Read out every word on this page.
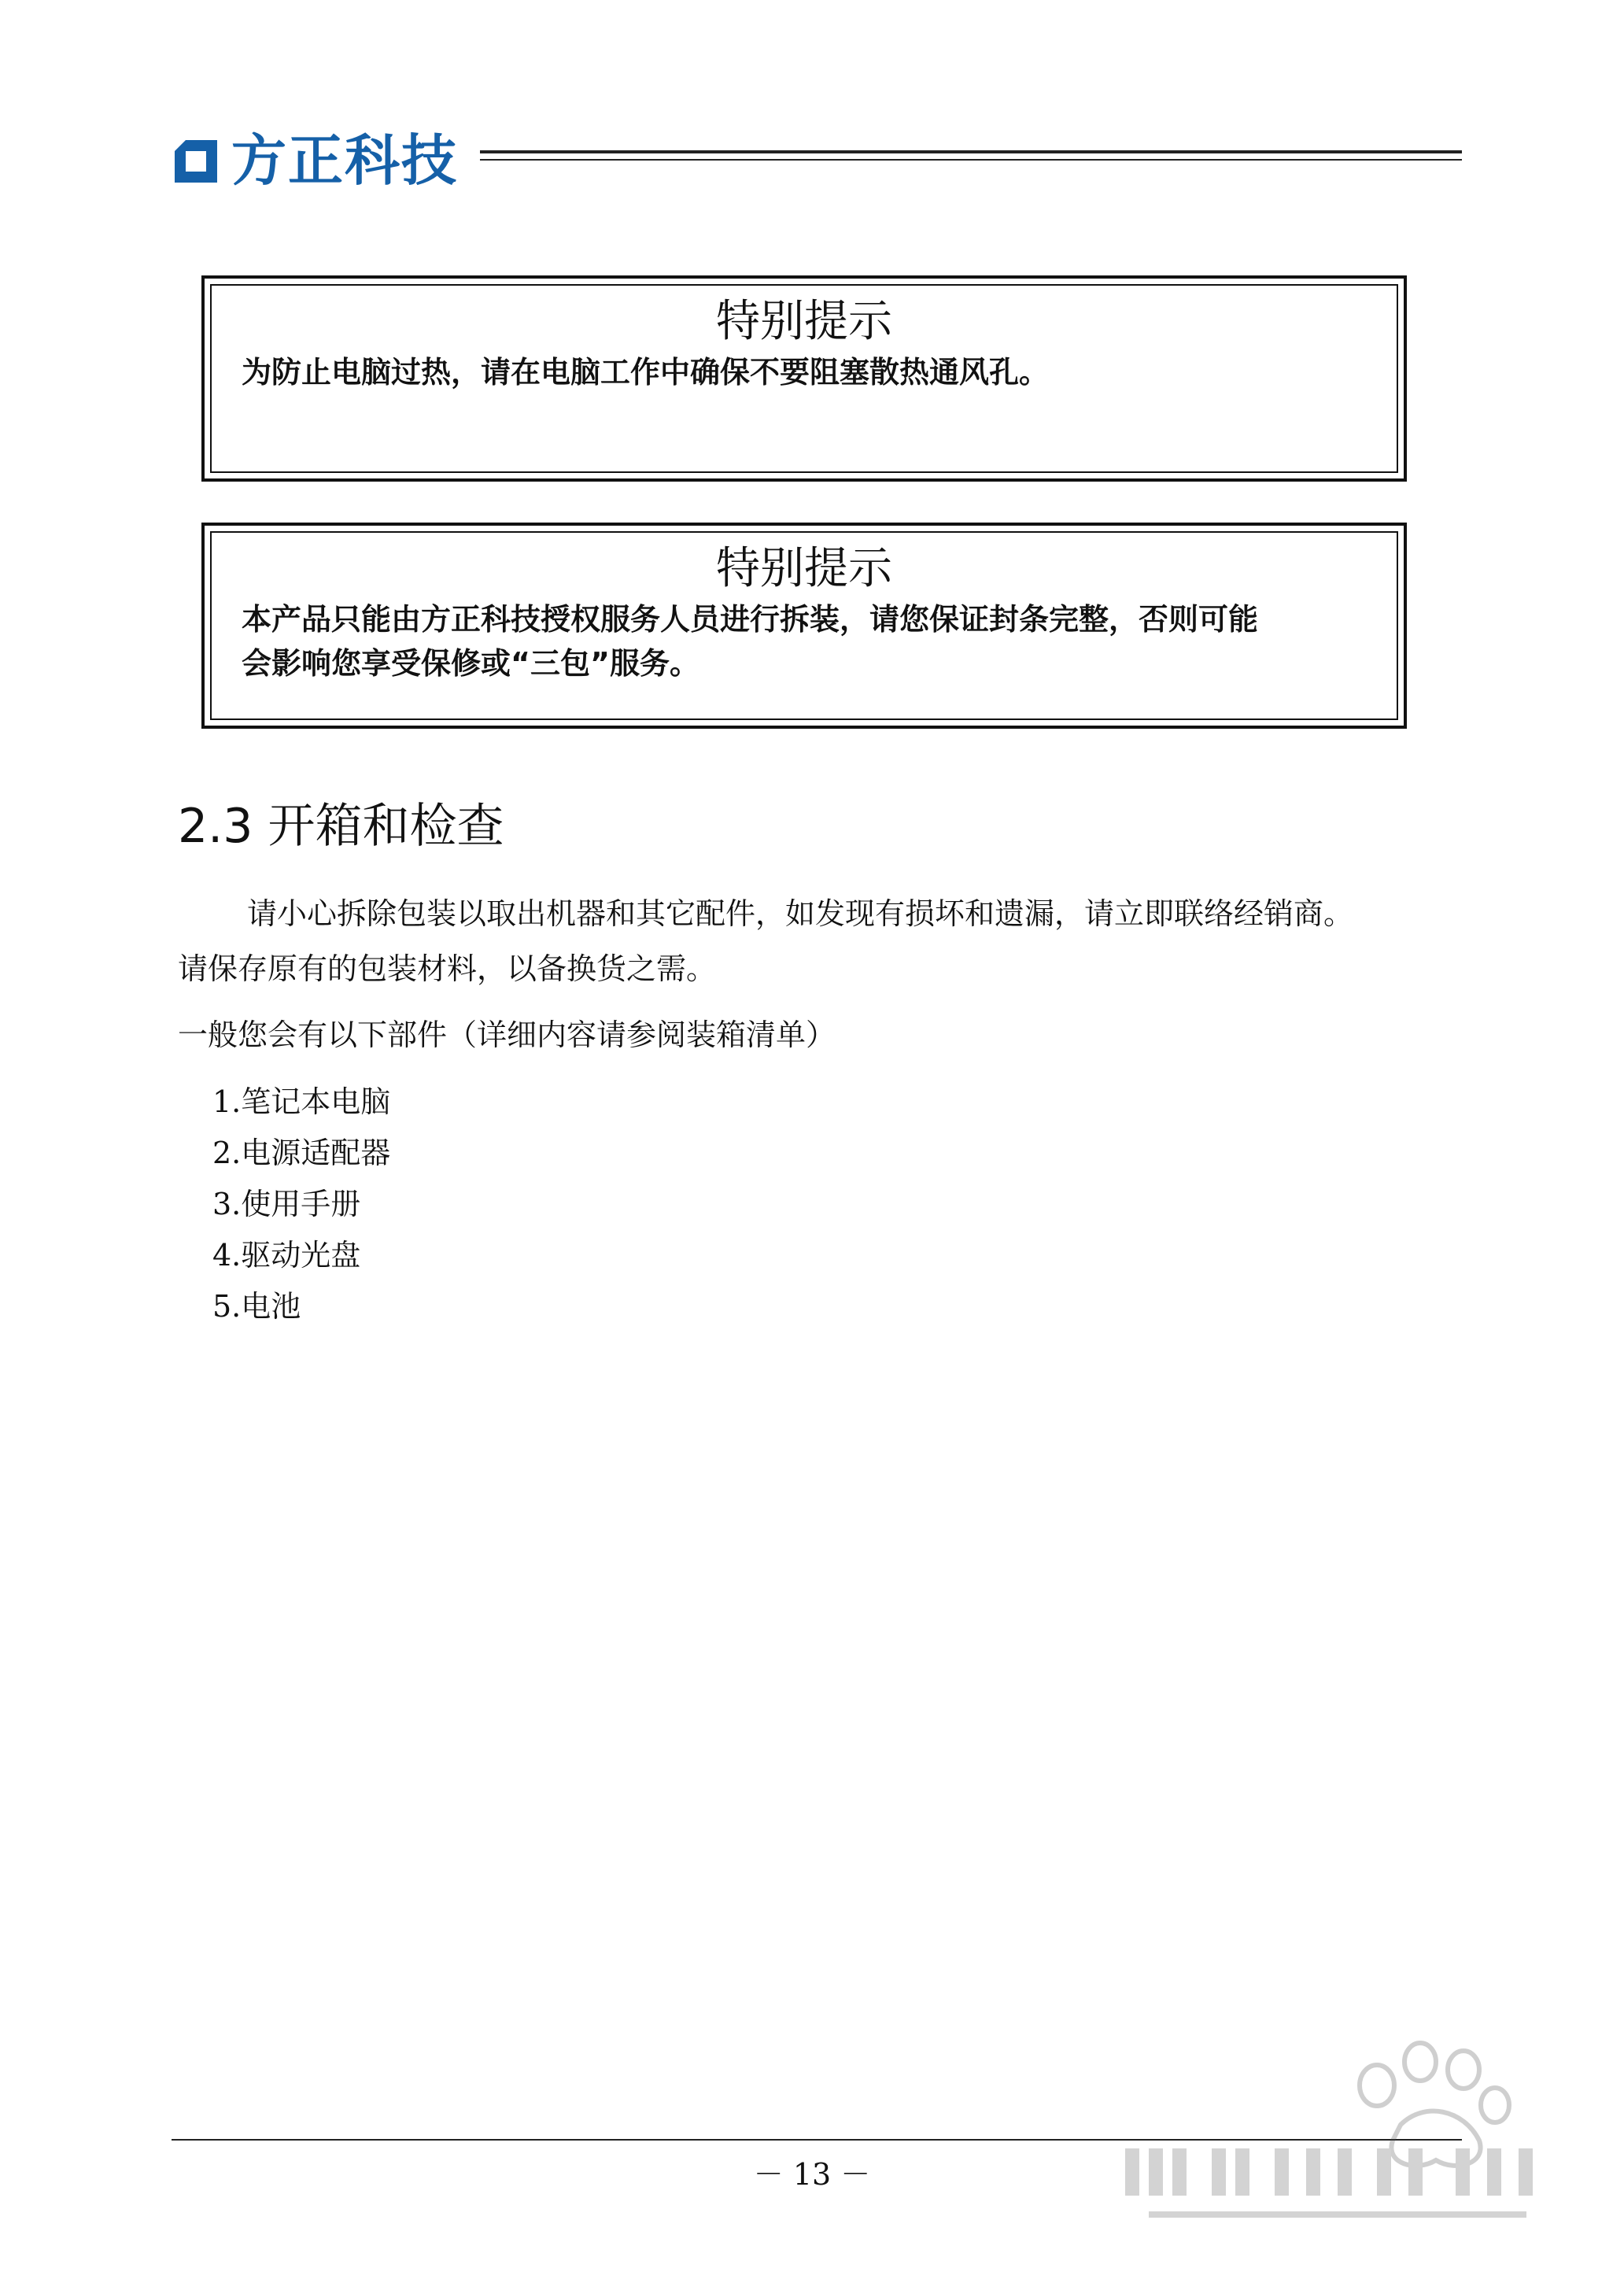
方正科技
特别提示

为防止电脑过热，请在电脑工作中确保不要阻塞散热通风孔。

特别提示

本产品只能由方正科技授权服务人员进行拆装，请您保证封条完整，否则可能

会影响您享受保修或“三包”服务。

2.3 开箱和检查
请小心拆除包装以取出机器和其它配件，如发现有损坏和遗漏，请立即联络经销商。
请保存原有的包装材料，以备换货之需。

一般您会有以下部件（详细内容请参阅装箱清单）

1.笔记本电脑
2.电源适配器
3.使用手册
4.驱动光盘
5.电池
－ 13 －
